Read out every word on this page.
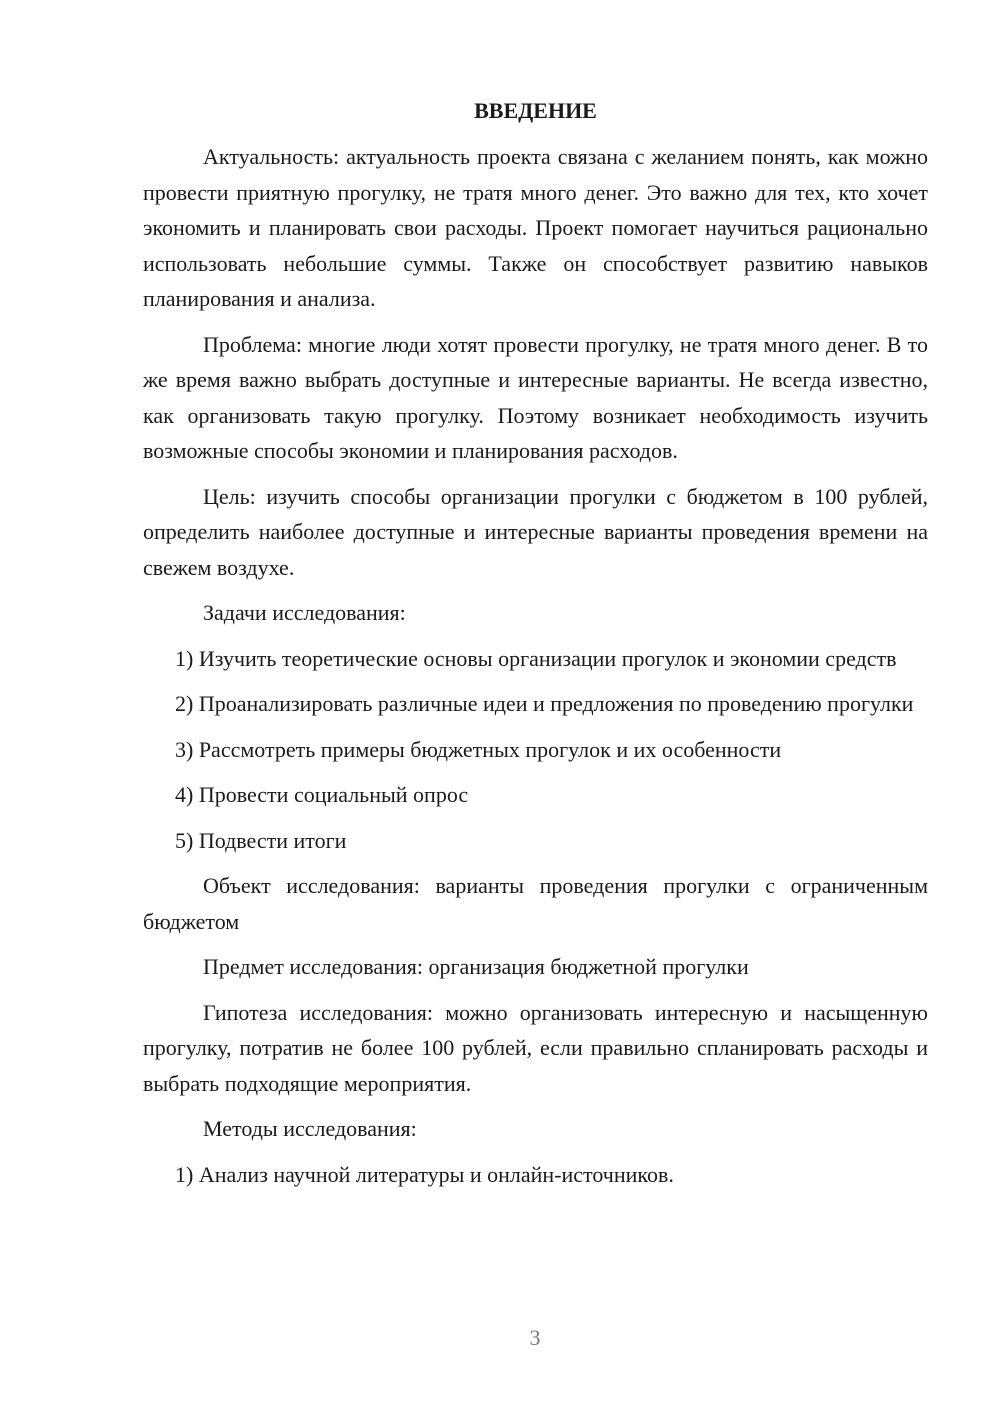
ВВЕДЕНИЕ

Актуальность: актуальность проекта связана с желанием понять, как можно провести приятную прогулку, не тратя много денег. Это важно для тех, кто хочет экономить и планировать свои расходы. Проект помогает научиться рационально использовать небольшие суммы. Также он способствует развитию навыков планирования и анализа.

Проблема: многие люди хотят провести прогулку, не тратя много денег. В то же время важно выбрать доступные и интересные варианты. Не всегда известно, как организовать такую прогулку. Поэтому возникает необходимость изучить возможные способы экономии и планирования расходов.

Цель: изучить способы организации прогулки с бюджетом в 100 рублей, определить наиболее доступные и интересные варианты проведения времени на свежем воздухе.

Задачи исследования:

1) Изучить теоретические основы организации прогулок и экономии средств

2) Проанализировать различные идеи и предложения по проведению прогулки

3) Рассмотреть примеры бюджетных прогулок и их особенности

4) Провести социальный опрос

5) Подвести итоги

Объект исследования: варианты проведения прогулки с ограниченным бюджетом

Предмет исследования: организация бюджетной прогулки

Гипотеза исследования: можно организовать интересную и насыщенную прогулку, потратив не более 100 рублей, если правильно спланировать расходы и выбрать подходящие мероприятия.

Методы исследования:

1) Анализ научной литературы и онлайн-источников.

3
